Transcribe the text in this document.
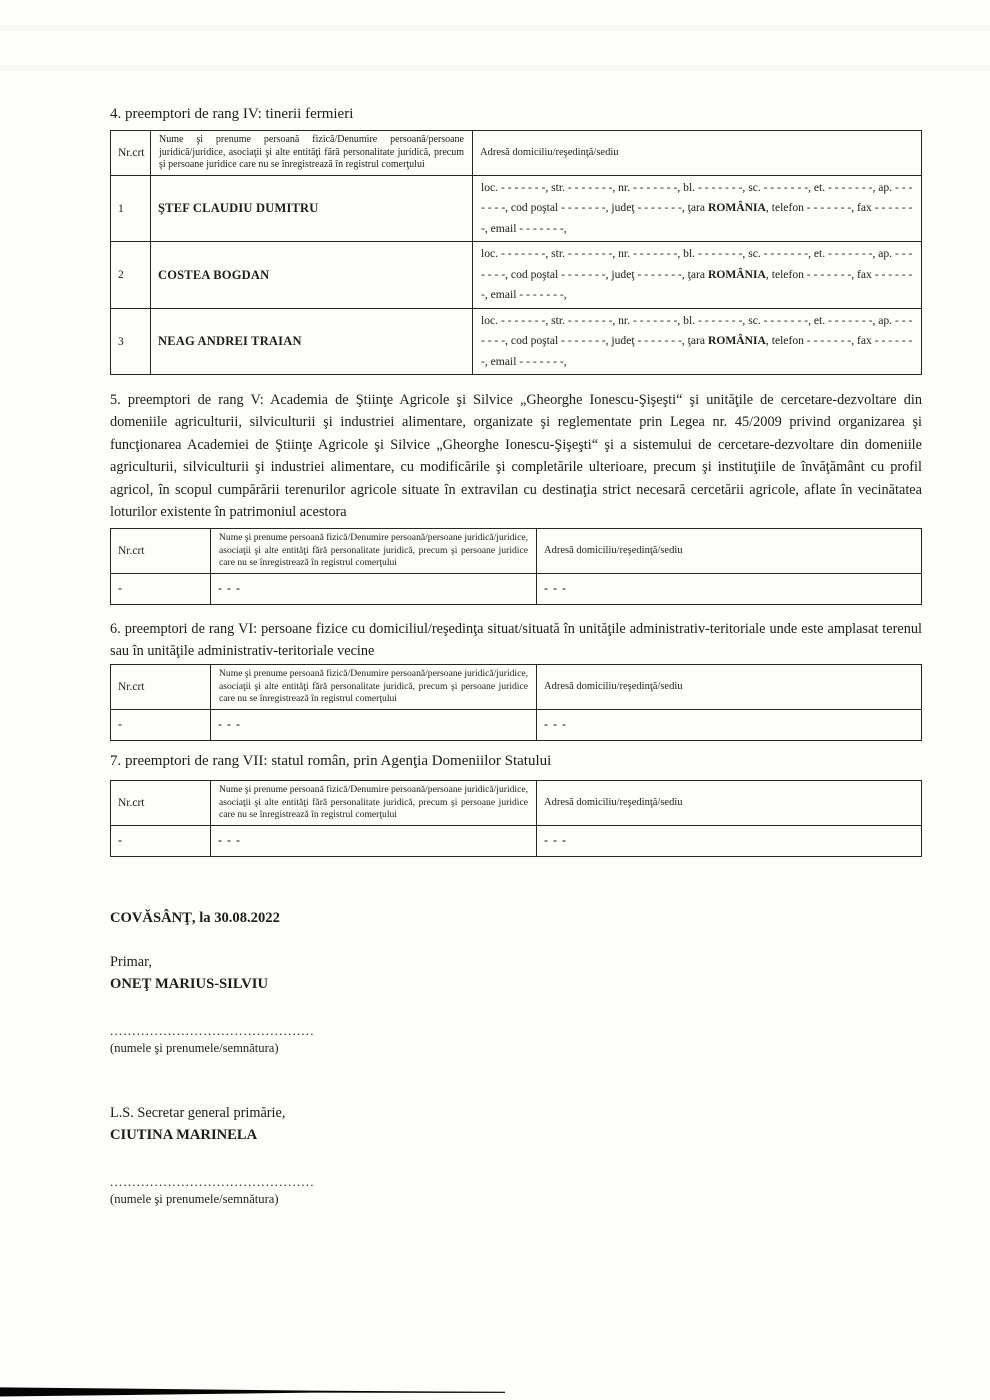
4. preemptori de rang IV: tinerii fermieri

Nr.crt	Nume şi prenume persoană fizică/Denumire persoană/persoane juridică/juridice, asociaţii şi alte entităţi fără personalitate juridică, precum şi persoane juridice care nu se înregistrează în registrul comerţului	Adresă domiciliu/reşedinţă/sediu
1	ŞTEF CLAUDIU DUMITRU	loc. - - - - - - -, str. - - - - - - -, nr. - - - - - - -, bl. - - - - - - -, sc. - - - - - - -, et. - - - - - - -, ap. - - - - - - -, cod poştal - - - - - - -, judeţ - - - - - - -, ţara ROMÂNIA, telefon - - - - - - -, fax - - - - - - -, email - - - - - - -,
2	COSTEA BOGDAN	loc. - - - - - - -, str. - - - - - - -, nr. - - - - - - -, bl. - - - - - - -, sc. - - - - - - -, et. - - - - - - -, ap. - - - - - - -, cod poştal - - - - - - -, judeţ - - - - - - -, ţara ROMÂNIA, telefon - - - - - - -, fax - - - - - - -, email - - - - - - -,
3	NEAG ANDREI TRAIAN	loc. - - - - - - -, str. - - - - - - -, nr. - - - - - - -, bl. - - - - - - -, sc. - - - - - - -, et. - - - - - - -, ap. - - - - - - -, cod poştal - - - - - - -, judeţ - - - - - - -, ţara ROMÂNIA, telefon - - - - - - -, fax - - - - - - -, email - - - - - - -,

5. preemptori de rang V: Academia de Ştiinţe Agricole şi Silvice „Gheorghe Ionescu-Şişeşti“ şi unităţile de cercetare-dezvoltare din domeniile agriculturii, silviculturii şi industriei alimentare, organizate şi reglementate prin Legea nr. 45/2009 privind organizarea şi funcţionarea Academiei de Ştiinţe Agricole şi Silvice „Gheorghe Ionescu-Şişeşti“ şi a sistemului de cercetare-dezvoltare din domeniile agriculturii, silviculturii şi industriei alimentare, cu modificările şi completările ulterioare, precum şi instituţiile de învăţământ cu profil agricol, în scopul cumpărării terenurilor agricole situate în extravilan cu destinaţia strict necesară cercetării agricole, aflate în vecinătatea loturilor existente în patrimoniul acestora

Nr.crt	Nume şi prenume persoană fizică/Denumire persoană/persoane juridică/juridice, asociaţii şi alte entităţi fără personalitate juridică, precum şi persoane juridice care nu se înregistrează în registrul comerţului	Adresă domiciliu/reşedinţă/sediu
-	- - -	- - -

6. preemptori de rang VI: persoane fizice cu domiciliul/reşedinţa situat/situată în unităţile administrativ-teritoriale unde este amplasat terenul sau în unităţile administrativ-teritoriale vecine

Nr.crt	Nume şi prenume persoană fizică/Denumire persoană/persoane juridică/juridice, asociaţii şi alte entităţi fără personalitate juridică, precum şi persoane juridice care nu se înregistrează în registrul comerţului	Adresă domiciliu/reşedinţă/sediu
-	- - -	- - -

7. preemptori de rang VII: statul român, prin Agenţia Domeniilor Statului

Nr.crt	Nume şi prenume persoană fizică/Denumire persoană/persoane juridică/juridice, asociaţii şi alte entităţi fără personalitate juridică, precum şi persoane juridice care nu se înregistrează în registrul comerţului	Adresă domiciliu/reşedinţă/sediu
-	- - -	- - -

COVĂSÂNŢ, la 30.08.2022

Primar,

ONEŢ MARIUS-SILVIU

..............................................

(numele şi prenumele/semnătura)

L.S. Secretar general primărie,

CIUTINA MARINELA

..............................................

(numele şi prenumele/semnătura)
